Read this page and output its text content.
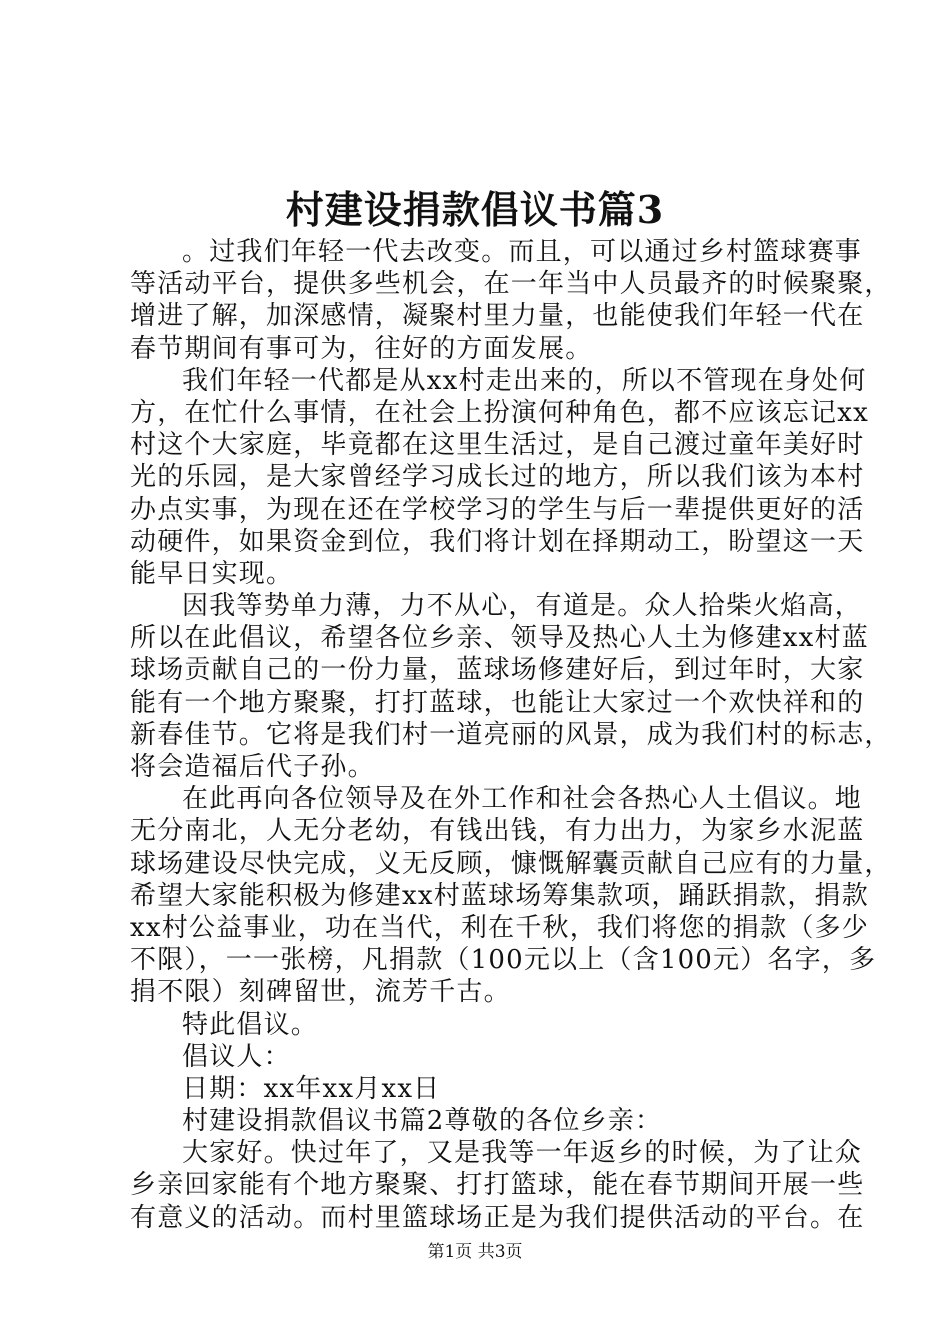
村建设捐款倡议书篇3
。过我们年轻一代去改变。而且，可以通过乡村篮球赛事
等活动平台，提供多些机会，在一年当中人员最齐的时候聚聚，
增进了解，加深感情，凝聚村里力量，也能使我们年轻一代在
春节期间有事可为，往好的方面发展。
我们年轻一代都是从xx村走出来的，所以不管现在身处何
方，在忙什么事情，在社会上扮演何种角色，都不应该忘记xx
村这个大家庭，毕竟都在这里生活过，是自己渡过童年美好时
光的乐园，是大家曾经学习成长过的地方，所以我们该为本村
办点实事，为现在还在学校学习的学生与后一辈提供更好的活
动硬件，如果资金到位，我们将计划在择期动工，盼望这一天
能早日实现。
因我等势单力薄，力不从心，有道是。众人拾柴火焰高，
所以在此倡议，希望各位乡亲、领导及热心人土为修建xx村蓝
球场贡献自己的一份力量，蓝球场修建好后，到过年时，大家
能有一个地方聚聚，打打蓝球，也能让大家过一个欢快祥和的
新春佳节。它将是我们村一道亮丽的风景，成为我们村的标志，
将会造福后代子孙。
在此再向各位领导及在外工作和社会各热心人土倡议。地
无分南北，人无分老幼，有钱出钱，有力出力，为家乡水泥蓝
球场建设尽快完成，义无反顾，慷慨解囊贡献自己应有的力量，
希望大家能积极为修建xx村蓝球场筹集款项，踊跃捐款，捐款
xx村公益事业，功在当代，利在千秋，我们将您的捐款（多少
不限），一一张榜，凡捐款（100元以上（含100元）名字，多
捐不限）刻碑留世，流芳千古。
特此倡议。
倡议人：
日期：xx年xx月xx日
村建设捐款倡议书篇2尊敬的各位乡亲：
大家好。快过年了，又是我等一年返乡的时候，为了让众
乡亲回家能有个地方聚聚、打打篮球，能在春节期间开展一些
有意义的活动。而村里篮球场正是为我们提供活动的平台。在
第1页 共3页
